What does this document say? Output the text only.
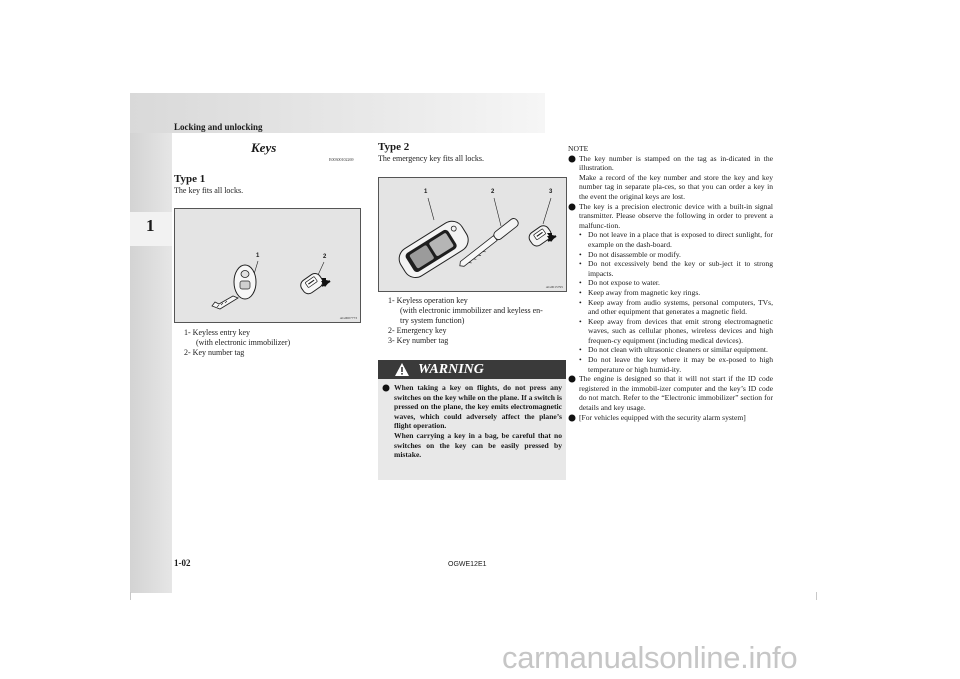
Locking and unlocking
1
Keys
E00300102269
Type 1
The key fits all locks.
1	2
AG0007773
1- Keyless entry key
(with electronic immobilizer)
2- Key number tag
Type 2
The emergency key fits all locks.
1	2	3
AG0015795
1- Keyless operation key
(with electronic immobilizer and keyless en-
try system function)
2- Emergency key
3- Key number tag
WARNING
When taking a key on flights, do not press any switches on the key while on the plane. If a switch is pressed on the plane, the key emits electromagnetic waves, which could adversely affect the plane’s flight operation.
When carrying a key in a bag, be careful that no switches on the key can be easily pressed by mistake.

NOTE

The key number is stamped on the tag as in-dicated in the illustration.
Make a record of the key number and store the key and key number tag in separate pla-ces, so that you can order a key in the event the original keys are lost.
The key is a precision electronic device with a built-in signal transmitter. Please observe the following in order to prevent a malfunc-tion.
• Do not leave in a place that is exposed to direct sunlight, for example on the dash-board.
• Do not disassemble or modify.
• Do not excessively bend the key or sub-ject it to strong impacts.
• Do not expose to water.
• Keep away from magnetic key rings.
• Keep away from audio systems, personal computers, TVs, and other equipment that generates a magnetic field.
• Keep away from devices that emit strong electromagnetic waves, such as cellular phones, wireless devices and high frequen-cy equipment (including medical devices).
• Do not clean with ultrasonic cleaners or similar equipment.
• Do not leave the key where it may be ex-posed to high temperature or high humid-ity.
The engine is designed so that it will not start if the ID code registered in the immobil-izer computer and the key’s ID code do not match. Refer to the “Electronic immobilizer” section for details and key usage.
[For vehicles equipped with the security alarm system]
1-02	OGWE12E1
carmanualsonline.info
